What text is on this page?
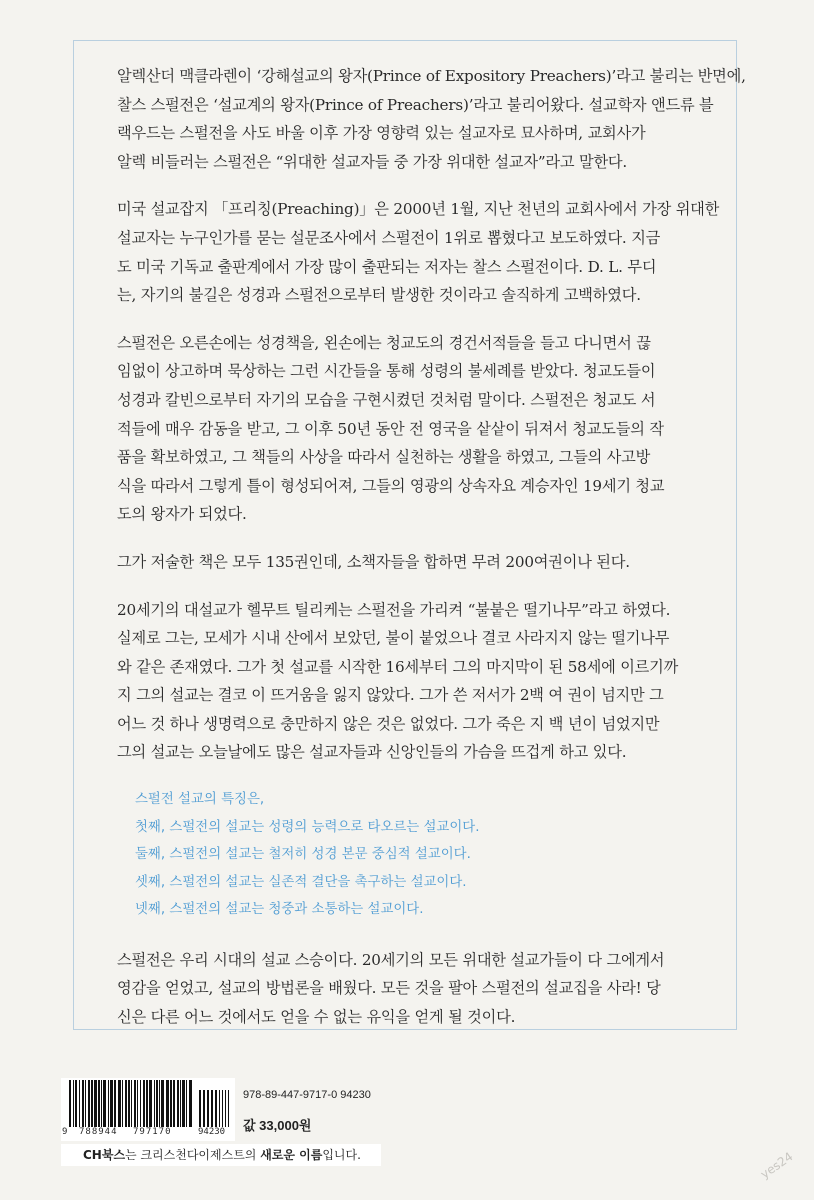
알렉산더 맥클라렌이 ‘강해설교의 왕자(Prince of Expository Preachers)’라고 불리는 반면에,
찰스 스펄전은 ‘설교계의 왕자(Prince of Preachers)’라고 불리어왔다. 설교학자 앤드류 블
랙우드는 스펄전을 사도 바울 이후 가장 영향력 있는 설교자로 묘사하며, 교회사가
알렉 비들러는 스펄전은 “위대한 설교자들 중 가장 위대한 설교자”라고 말한다.
미국 설교잡지 「프리칭(Preaching)」은 2000년 1월, 지난 천년의 교회사에서 가장 위대한
설교자는 누구인가를 묻는 설문조사에서 스펄전이 1위로 뽑혔다고 보도하였다. 지금
도 미국 기독교 출판계에서 가장 많이 출판되는 저자는 찰스 스펄전이다. D. L. 무디
는, 자기의 불길은 성경과 스펄전으로부터 발생한 것이라고 솔직하게 고백하였다.
스펄전은 오른손에는 성경책을, 왼손에는 청교도의 경건서적들을 들고 다니면서 끊
임없이 상고하며 묵상하는 그런 시간들을 통해 성령의 불세례를 받았다. 청교도들이
성경과 칼빈으로부터 자기의 모습을 구현시켰던 것처럼 말이다. 스펄전은 청교도 서
적들에 매우 감동을 받고, 그 이후 50년 동안 전 영국을 샅샅이 뒤져서 청교도들의 작
품을 확보하였고, 그 책들의 사상을 따라서 실천하는 생활을 하였고, 그들의 사고방
식을 따라서 그렇게 틀이 형성되어져, 그들의 영광의 상속자요 계승자인 19세기 청교
도의 왕자가 되었다.
그가 저술한 책은 모두 135권인데, 소책자들을 합하면 무려 200여권이나 된다.
20세기의 대설교가 헬무트 틸리케는 스펄전을 가리켜 “불붙은 떨기나무”라고 하였다.
실제로 그는, 모세가 시내 산에서 보았던, 불이 붙었으나 결코 사라지지 않는 떨기나무
와 같은 존재였다. 그가 첫 설교를 시작한 16세부터 그의 마지막이 된 58세에 이르기까
지 그의 설교는 결코 이 뜨거움을 잃지 않았다. 그가 쓴 저서가 2백 여 권이 넘지만 그
어느 것 하나 생명력으로 충만하지 않은 것은 없었다. 그가 죽은 지 백 년이 넘었지만
그의 설교는 오늘날에도 많은 설교자들과 신앙인들의 가슴을 뜨겁게 하고 있다.
스펄전 설교의 특징은,
첫째, 스펄전의 설교는 성령의 능력으로 타오르는 설교이다.
둘째, 스펄전의 설교는 철저히 성경 본문 중심적 설교이다.
셋째, 스펄전의 설교는 실존적 결단을 촉구하는 설교이다.
넷째, 스펄전의 설교는 청중과 소통하는 설교이다.
스펄전은 우리 시대의 설교 스승이다. 20세기의 모든 위대한 설교가들이 다 그에게서
영감을 얻었고, 설교의 방법론을 배웠다. 모든 것을 팔아 스펄전의 설교집을 사라! 당
신은 다른 어느 것에서도 얻을 수 없는 유익을 얻게 될 것이다.
9 788944 797170	94230
978-89-447-9717-0 94230
값 33,000원
CH북스는 크리스천다이제스트의 새로운 이름입니다.	yes24
